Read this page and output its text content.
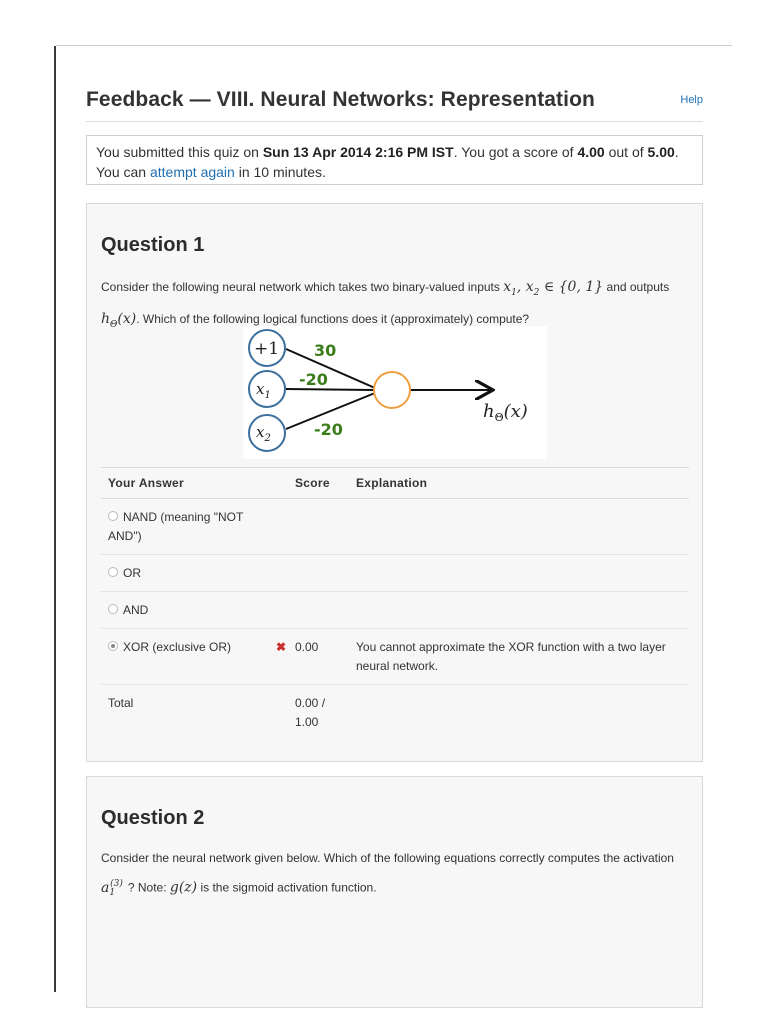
Feedback — VIII. Neural Networks: Representation	Help
You submitted this quiz on Sun 13 Apr 2014 2:16 PM IST. You got a score of 4.00 out of 5.00. You can attempt again in 10 minutes.
Question 1
Consider the following neural network which takes two binary-valued inputs $x_1$, $x_2$ ∈ {0, 1} and outputs $h_\Theta(x)$. Which of the following logical functions does it (approximately) compute?
+1
$x_1$
$x_2$
30
-20
-20
$h_\Theta(x)$
Your Answer		Score	Explanation
NAND (meaning "NOT AND")			
OR			
AND			
XOR (exclusive OR)	✖	0.00	You cannot approximate the XOR function with a two layer neural network.
Total		0.00 / 1.00	
Question 2
Consider the neural network given below. Which of the following equations correctly computes the activation $a_1^{(3)}$ ? Note: g(z) is the sigmoid activation function.
